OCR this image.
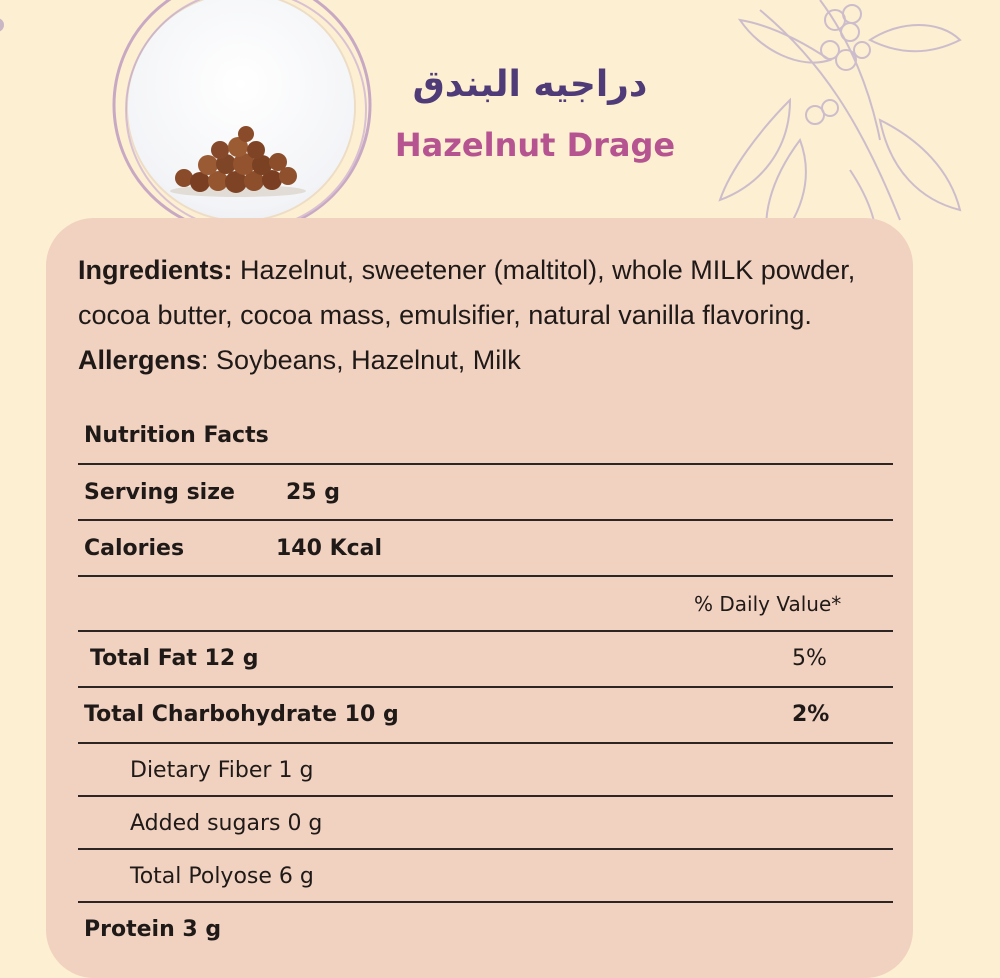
دراجيه البندق
Hazelnut Drage
Ingredients: Hazelnut, sweetener (maltitol), whole MILK powder, cocoa butter, cocoa mass, emulsifier, natural vanilla flavoring. Allergens: Soybeans, Hazelnut, Milk
Nutrition Facts
Serving size	25 g
Calories	140 Kcal
% Daily Value*
Total Fat 12 g	5%
Total Charbohydrate 10 g	2%
Dietary Fiber 1 g
Added sugars 0 g
Total Polyose 6 g
Protein 3 g
